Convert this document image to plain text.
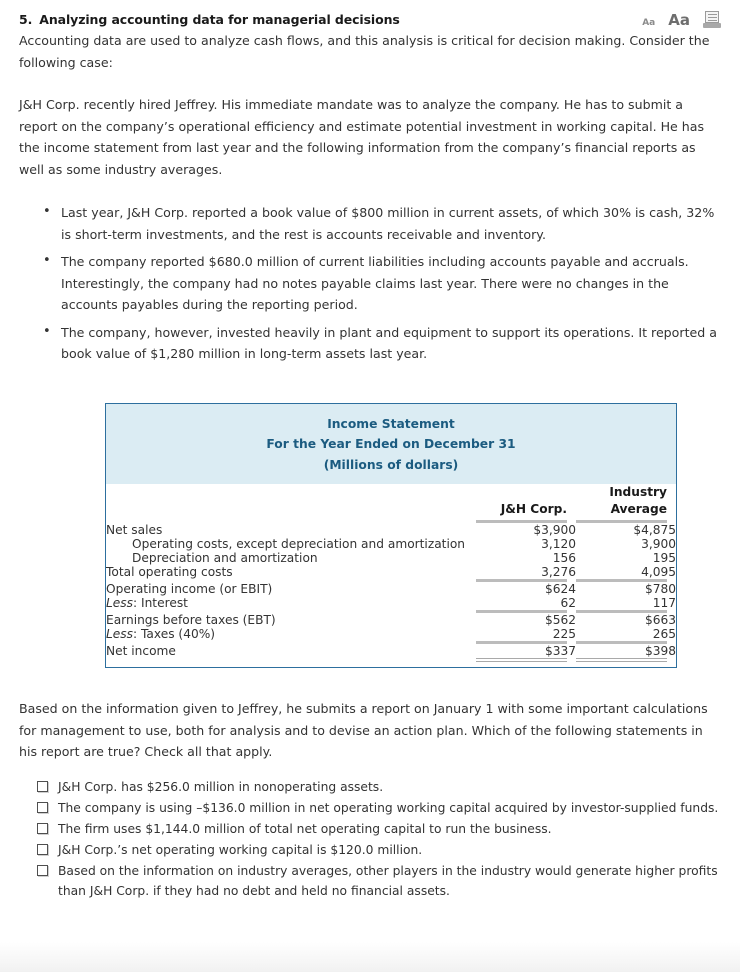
5. Analyzing accounting data for managerial decisions	Aa Aa

Accounting data are used to analyze cash flows, and this analysis is critical for decision making. Consider the following case:

J&H Corp. recently hired Jeffrey. His immediate mandate was to analyze the company. He has to submit a report on the company’s operational efficiency and estimate potential investment in working capital. He has the income statement from last year and the following information from the company’s financial reports as well as some industry averages.

• Last year, J&H Corp. reported a book value of $800 million in current assets, of which 30% is cash, 32% is short-term investments, and the rest is accounts receivable and inventory.
• The company reported $680.0 million of current liabilities including accounts payable and accruals. Interestingly, the company had no notes payable claims last year. There were no changes in the accounts payables during the reporting period.
• The company, however, invested heavily in plant and equipment to support its operations. It reported a book value of $1,280 million in long-term assets last year.
Income Statement
For the Year Ended on December 31
(Millions of dollars)

	J&H Corp.	Industry
Average

Net sales	$3,900	$4,875
Operating costs, except depreciation and amortization	3,120	3,900
Depreciation and amortization	156	195
Total operating costs	3,276	4,095

Operating income (or EBIT)	$624	$780
Less: Interest	62	117

Earnings before taxes (EBT)	$562	$663
Less: Taxes (40%)	225	265

Net income	$337	$398

Based on the information given to Jeffrey, he submits a report on January 1 with some important calculations for management to use, both for analysis and to devise an action plan. Which of the following statements in his report are true? Check all that apply.

J&H Corp. has $256.0 million in nonoperating assets.
The company is using –$136.0 million in net operating working capital acquired by investor-supplied funds.
The firm uses $1,144.0 million of total net operating capital to run the business.
J&H Corp.’s net operating working capital is $120.0 million.
Based on the information on industry averages, other players in the industry would generate higher profits than J&H Corp. if they had no debt and held no financial assets.
